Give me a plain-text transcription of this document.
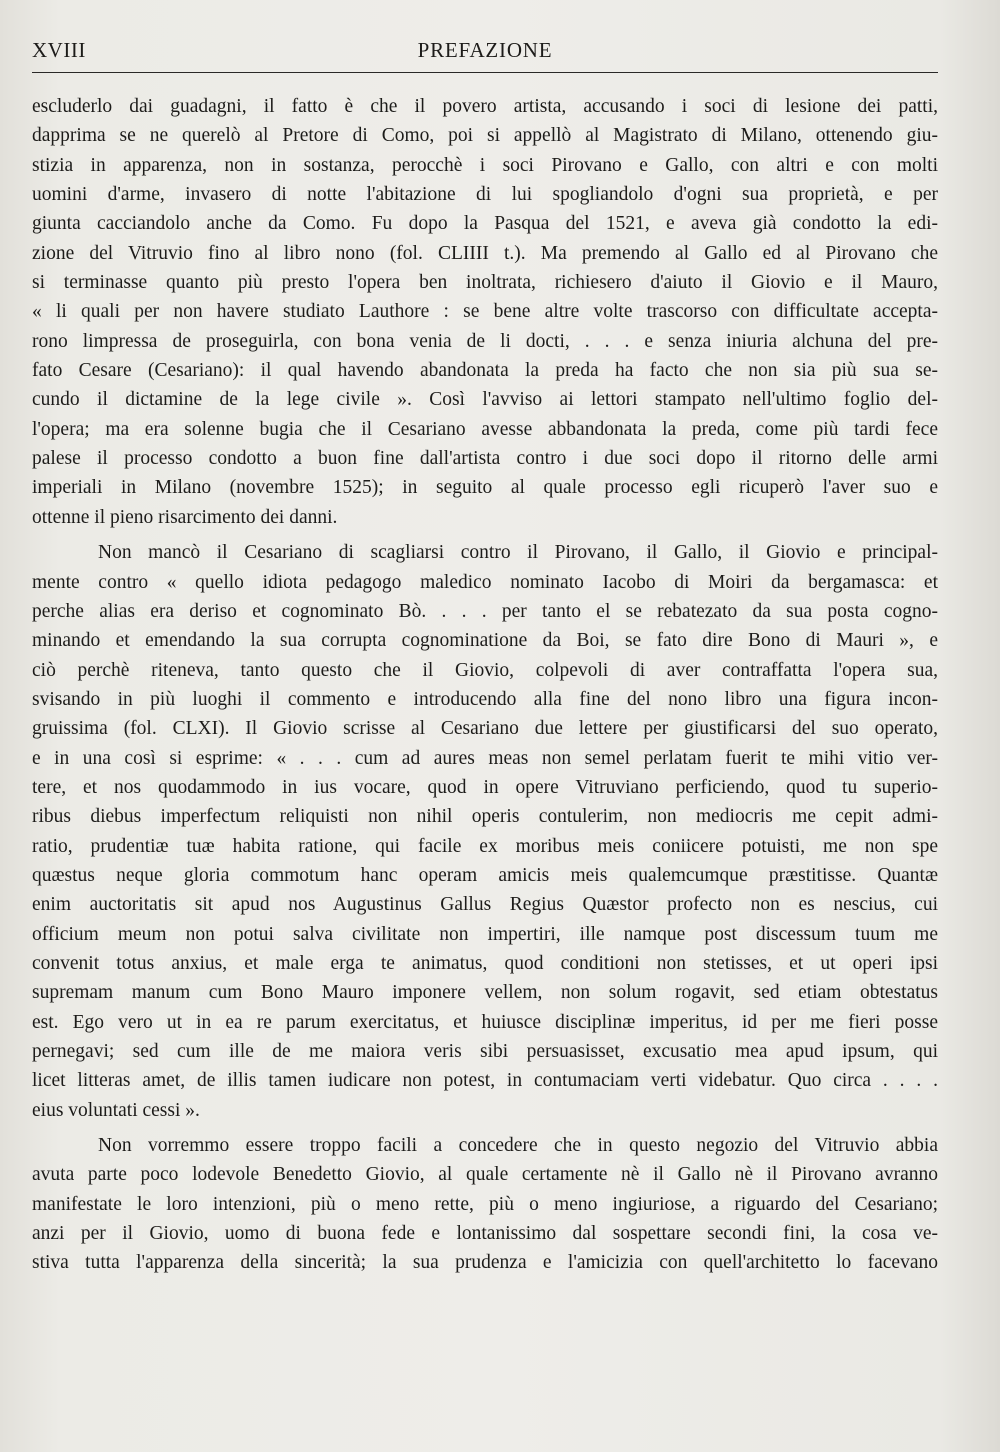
XVIII	PREFAZIONE
escluderlo dai guadagni, il fatto è che il povero artista, accusando i soci di lesione dei patti,
dapprima se ne querelò al Pretore di Como, poi si appellò al Magistrato di Milano, ottenendo giu-
stizia in apparenza, non in sostanza, perocchè i soci Pirovano e Gallo, con altri e con molti
uomini d'arme, invasero di notte l'abitazione di lui spogliandolo d'ogni sua proprietà, e per
giunta cacciandolo anche da Como. Fu dopo la Pasqua del 1521, e aveva già condotto la edi-
zione del Vitruvio fino al libro nono (fol. CLIIII t.). Ma premendo al Gallo ed al Pirovano che
si terminasse quanto più presto l'opera ben inoltrata, richiesero d'aiuto il Giovio e il Mauro,
« li quali per non havere studiato Lauthore : se bene altre volte trascorso con difficultate accepta-
rono limpressa de proseguirla, con bona venia de li docti, . . . e senza iniuria alchuna del pre-
fato Cesare (Cesariano): il qual havendo abandonata la preda ha facto che non sia più sua se-
cundo il dictamine de la lege civile ». Così l'avviso ai lettori stampato nell'ultimo foglio del-
l'opera; ma era solenne bugia che il Cesariano avesse abbandonata la preda, come più tardi fece
palese il processo condotto a buon fine dall'artista contro i due soci dopo il ritorno delle armi
imperiali in Milano (novembre 1525); in seguito al quale processo egli ricuperò l'aver suo e
ottenne il pieno risarcimento dei danni.
Non mancò il Cesariano di scagliarsi contro il Pirovano, il Gallo, il Giovio e principal-
mente contro « quello idiota pedagogo maledico nominato Iacobo di Moiri da bergamasca: et
perche alias era deriso et cognominato Bò. . . . per tanto el se rebatezato da sua posta cogno-
minando et emendando la sua corrupta cognominatione da Boi, se fato dire Bono di Mauri », e
ciò perchè riteneva, tanto questo che il Giovio, colpevoli di aver contraffatta l'opera sua,
svisando in più luoghi il commento e introducendo alla fine del nono libro una figura incon-
gruissima (fol. CLXI). Il Giovio scrisse al Cesariano due lettere per giustificarsi del suo operato,
e in una così si esprime: « . . . cum ad aures meas non semel perlatam fuerit te mihi vitio ver-
tere, et nos quodammodo in ius vocare, quod in opere Vitruviano perficiendo, quod tu superio-
ribus diebus imperfectum reliquisti non nihil operis contulerim, non mediocris me cepit admi-
ratio, prudentiæ tuæ habita ratione, qui facile ex moribus meis coniicere potuisti, me non spe
quæstus neque gloria commotum hanc operam amicis meis qualemcumque præstitisse. Quantæ
enim auctoritatis sit apud nos Augustinus Gallus Regius Quæstor profecto non es nescius, cui
officium meum non potui salva civilitate non impertiri, ille namque post discessum tuum me
convenit totus anxius, et male erga te animatus, quod conditioni non stetisses, et ut operi ipsi
supremam manum cum Bono Mauro imponere vellem, non solum rogavit, sed etiam obtestatus
est. Ego vero ut in ea re parum exercitatus, et huiusce disciplinæ imperitus, id per me fieri posse
pernegavi; sed cum ille de me maiora veris sibi persuasisset, excusatio mea apud ipsum, qui
licet litteras amet, de illis tamen iudicare non potest, in contumaciam verti videbatur. Quo circa . . . .
eius voluntati cessi ».
Non vorremmo essere troppo facili a concedere che in questo negozio del Vitruvio abbia
avuta parte poco lodevole Benedetto Giovio, al quale certamente nè il Gallo nè il Pirovano avranno
manifestate le loro intenzioni, più o meno rette, più o meno ingiuriose, a riguardo del Cesariano;
anzi per il Giovio, uomo di buona fede e lontanissimo dal sospettare secondi fini, la cosa ve-
stiva tutta l'apparenza della sincerità; la sua prudenza e l'amicizia con quell'architetto lo facevano
